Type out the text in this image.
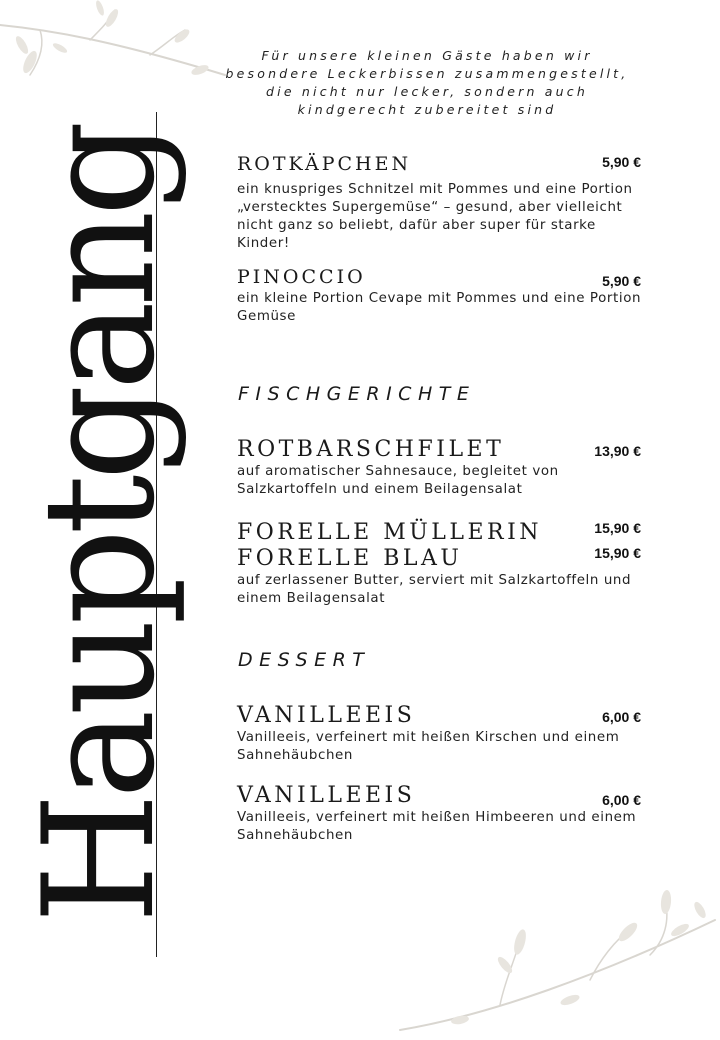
Für unsere kleinen Gäste haben wir besondere Leckerbissen zusammengestellt, die nicht nur lecker, sondern auch kindgerecht zubereitet sind
Hauptgang	ROTKÄPCHEN	5,90 €
ein knuspriges Schnitzel mit Pommes und eine Portion „verstecktes Supergemüse“ – gesund, aber vielleicht nicht ganz so beliebt, dafür aber super für starke Kinder!
PINOCCIO	5,90 €
ein kleine Portion Cevape mit Pommes und eine Portion Gemüse
FISCHGERICHTE
ROTBARSCHFILET	13,90 €
auf aromatischer Sahnesauce, begleitet von Salzkartoffeln und einem Beilagensalat
FORELLE MÜLLERIN	15,90 €
FORELLE BLAU	15,90 €
auf zerlassener Butter, serviert mit Salzkartoffeln und einem Beilagensalat
DESSERT
VANILLEEIS	6,00 €
Vanilleeis, verfeinert mit heißen Kirschen und einem Sahnehäubchen
VANILLEEIS	6,00 €
Vanilleeis, verfeinert mit heißen Himbeeren und einem Sahnehäubchen
